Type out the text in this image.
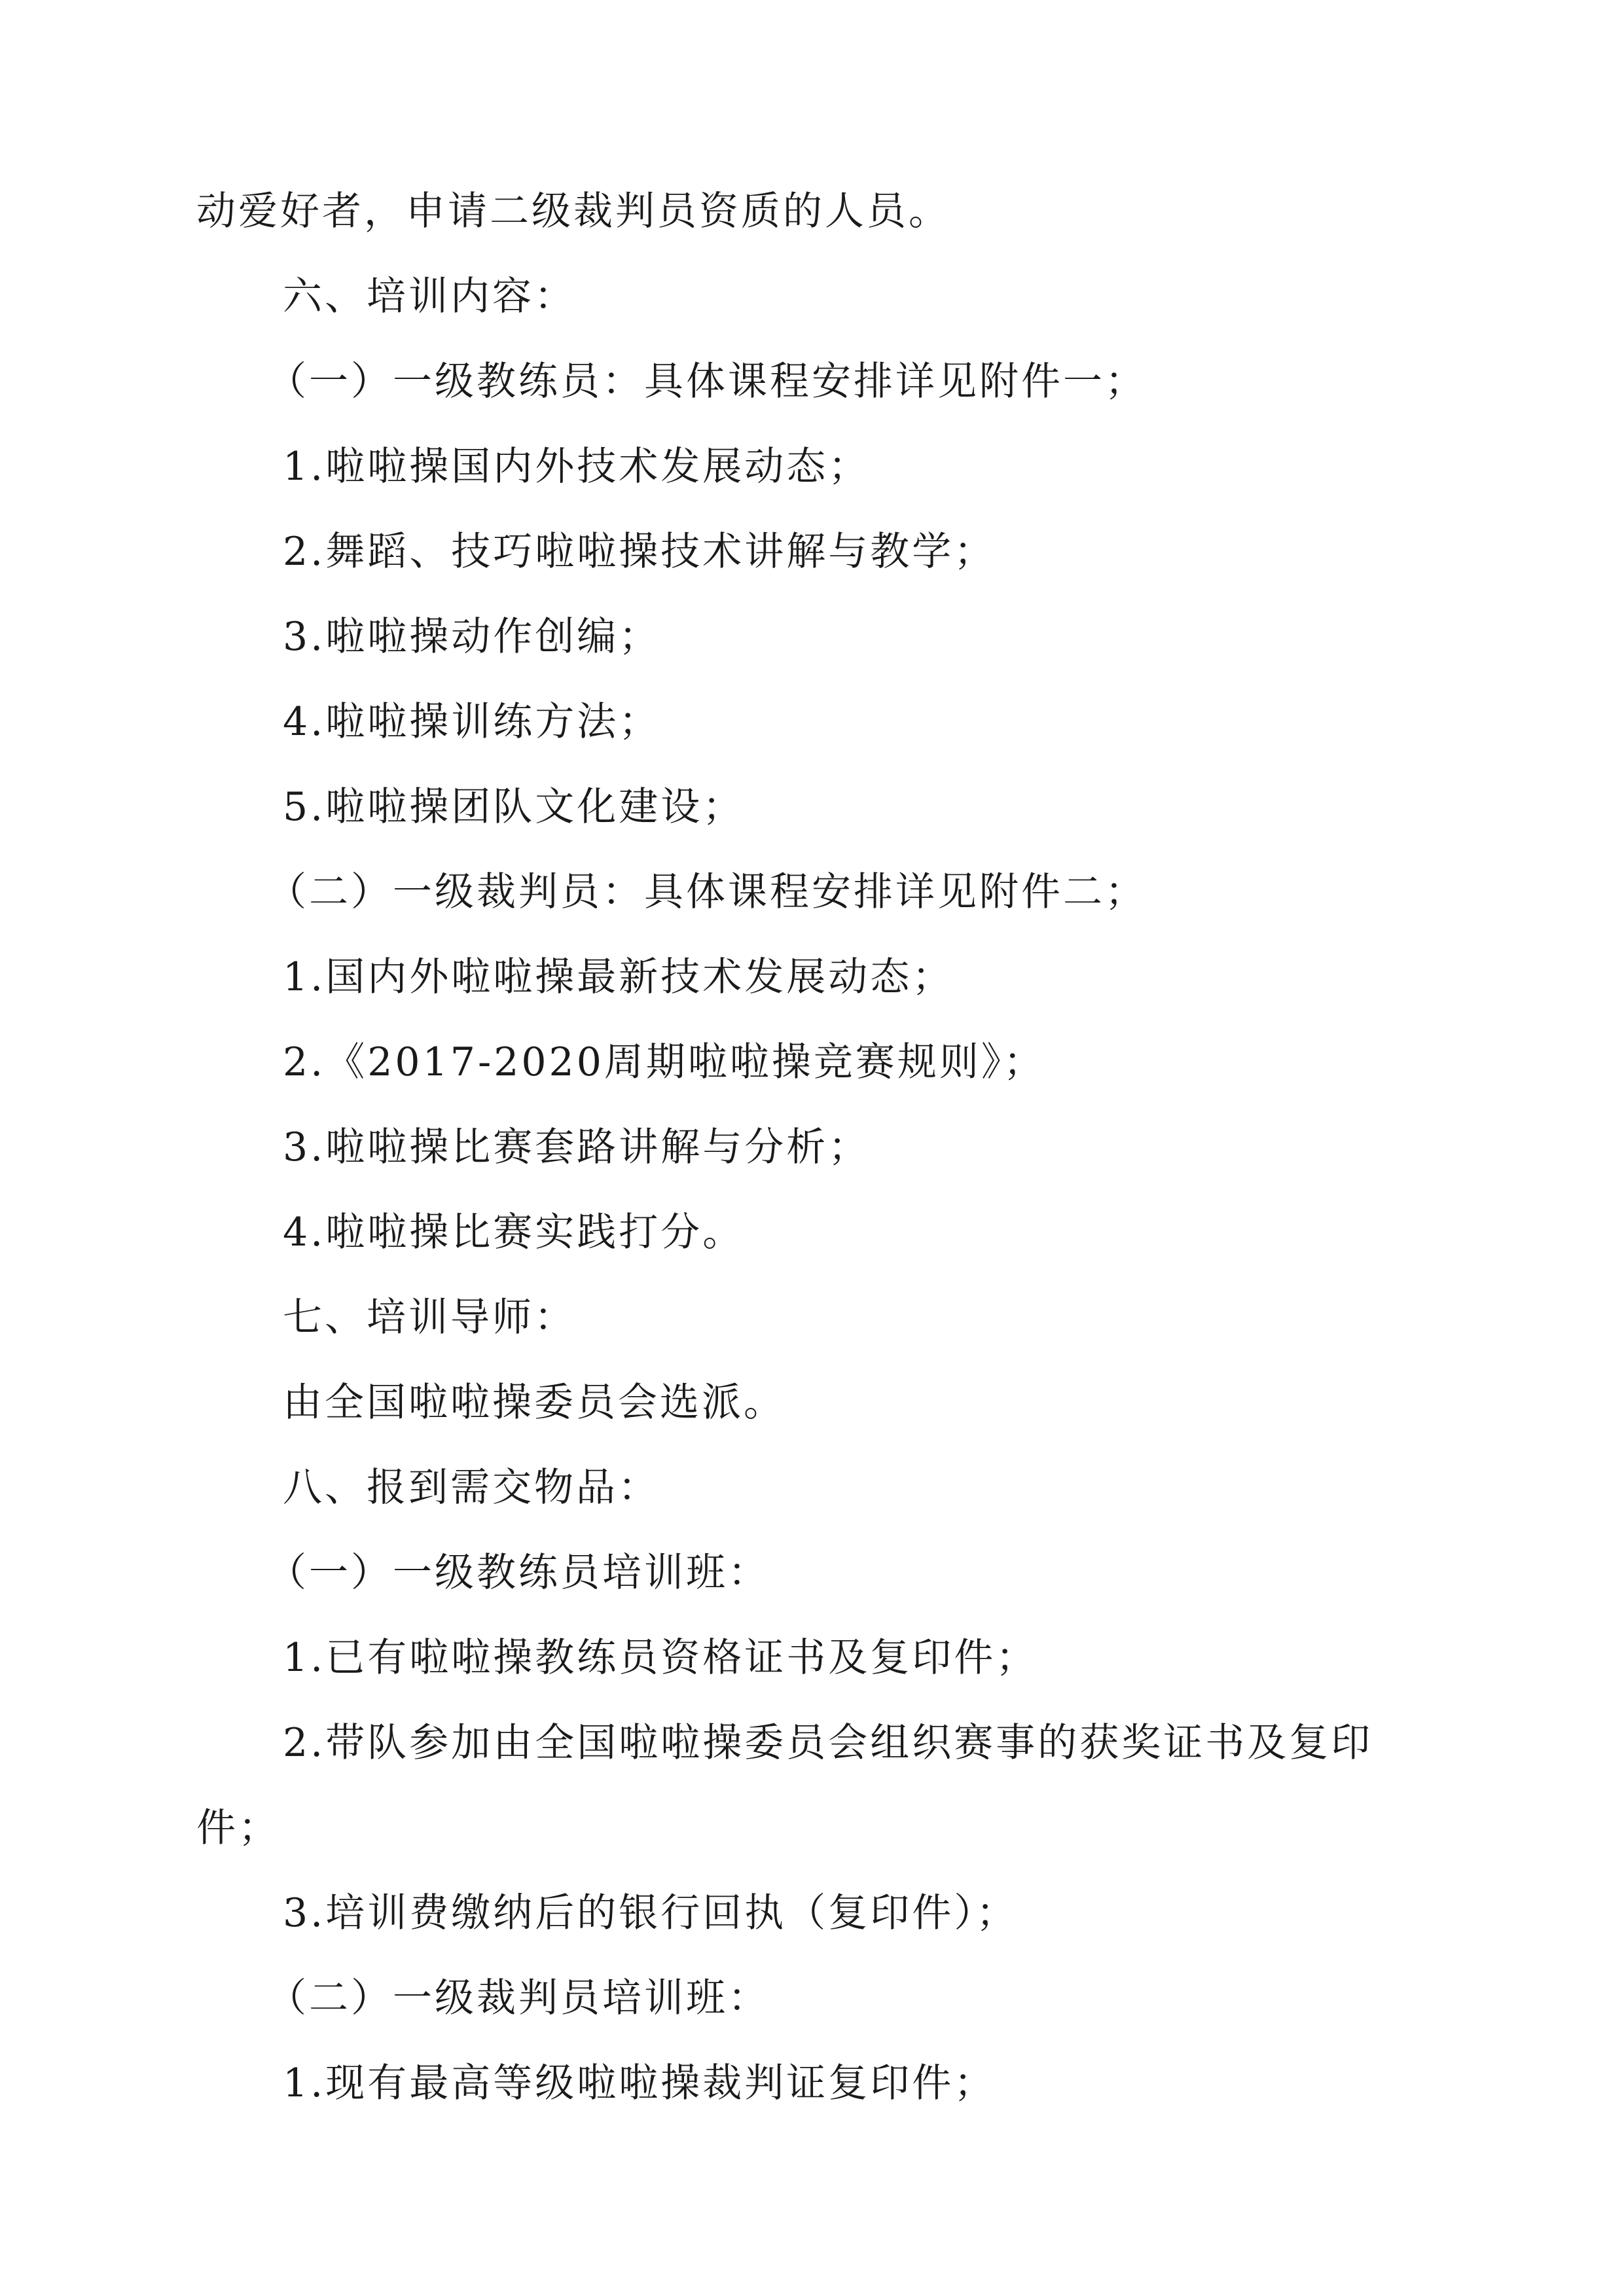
动爱好者，申请二级裁判员资质的人员。
六、培训内容：
（一）一级教练员：具体课程安排详见附件一；
1.啦啦操国内外技术发展动态；
2.舞蹈、技巧啦啦操技术讲解与教学；
3.啦啦操动作创编；
4.啦啦操训练方法；
5.啦啦操团队文化建设；
（二）一级裁判员：具体课程安排详见附件二；
1.国内外啦啦操最新技术发展动态；
2.《2017-2020周期啦啦操竞赛规则》；
3.啦啦操比赛套路讲解与分析；
4.啦啦操比赛实践打分。
七、培训导师：
由全国啦啦操委员会选派。
八、报到需交物品：
（一）一级教练员培训班：
1.已有啦啦操教练员资格证书及复印件；
2.带队参加由全国啦啦操委员会组织赛事的获奖证书及复印
件；
3.培训费缴纳后的银行回执（复印件）；
（二）一级裁判员培训班：
1.现有最高等级啦啦操裁判证复印件；
